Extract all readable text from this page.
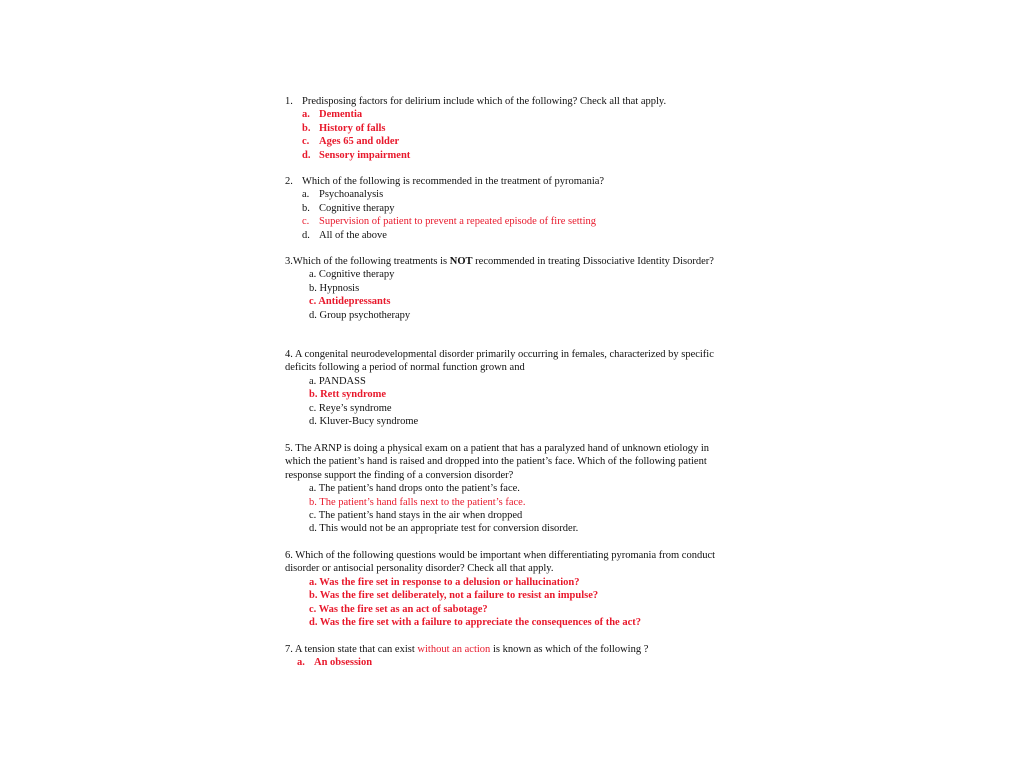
1. Predisposing factors for delirium include which of the following? Check all that apply.
a. Dementia
b. History of falls
c. Ages 65 and older
d. Sensory impairment
2. Which of the following is recommended in the treatment of pyromania?
a. Psychoanalysis
b. Cognitive therapy
c. Supervision of patient to prevent a repeated episode of fire setting
d. All of the above
3.Which of the following treatments is NOT recommended in treating Dissociative Identity Disorder?
a. Cognitive therapy
b. Hypnosis
c. Antidepressants
d. Group psychotherapy
4. A congenital neurodevelopmental disorder primarily occurring in females, characterized by specific deficits following a period of normal function grown and
a. PANDASS
b. Rett syndrome
c. Reye’s syndrome
d. Kluver-Bucy syndrome
5. The ARNP is doing a physical exam on a patient that has a paralyzed hand of unknown etiology in which the patient’s hand is raised and dropped into the patient’s face. Which of the following patient response support the finding of a conversion disorder?
a. The patient’s hand drops onto the patient’s face.
b. The patient’s hand falls next to the patient’s face.
c. The patient’s hand stays in the air when dropped
d. This would not be an appropriate test for conversion disorder.
6. Which of the following questions would be important when differentiating pyromania from conduct disorder or antisocial personality disorder? Check all that apply.
a. Was the fire set in response to a delusion or hallucination?
b. Was the fire set deliberately, not a failure to resist an impulse?
c. Was the fire set as an act of sabotage?
d. Was the fire set with a failure to appreciate the consequences of the act?
7. A tension state that can exist without an action is known as which of the following ?
a. An obsession
